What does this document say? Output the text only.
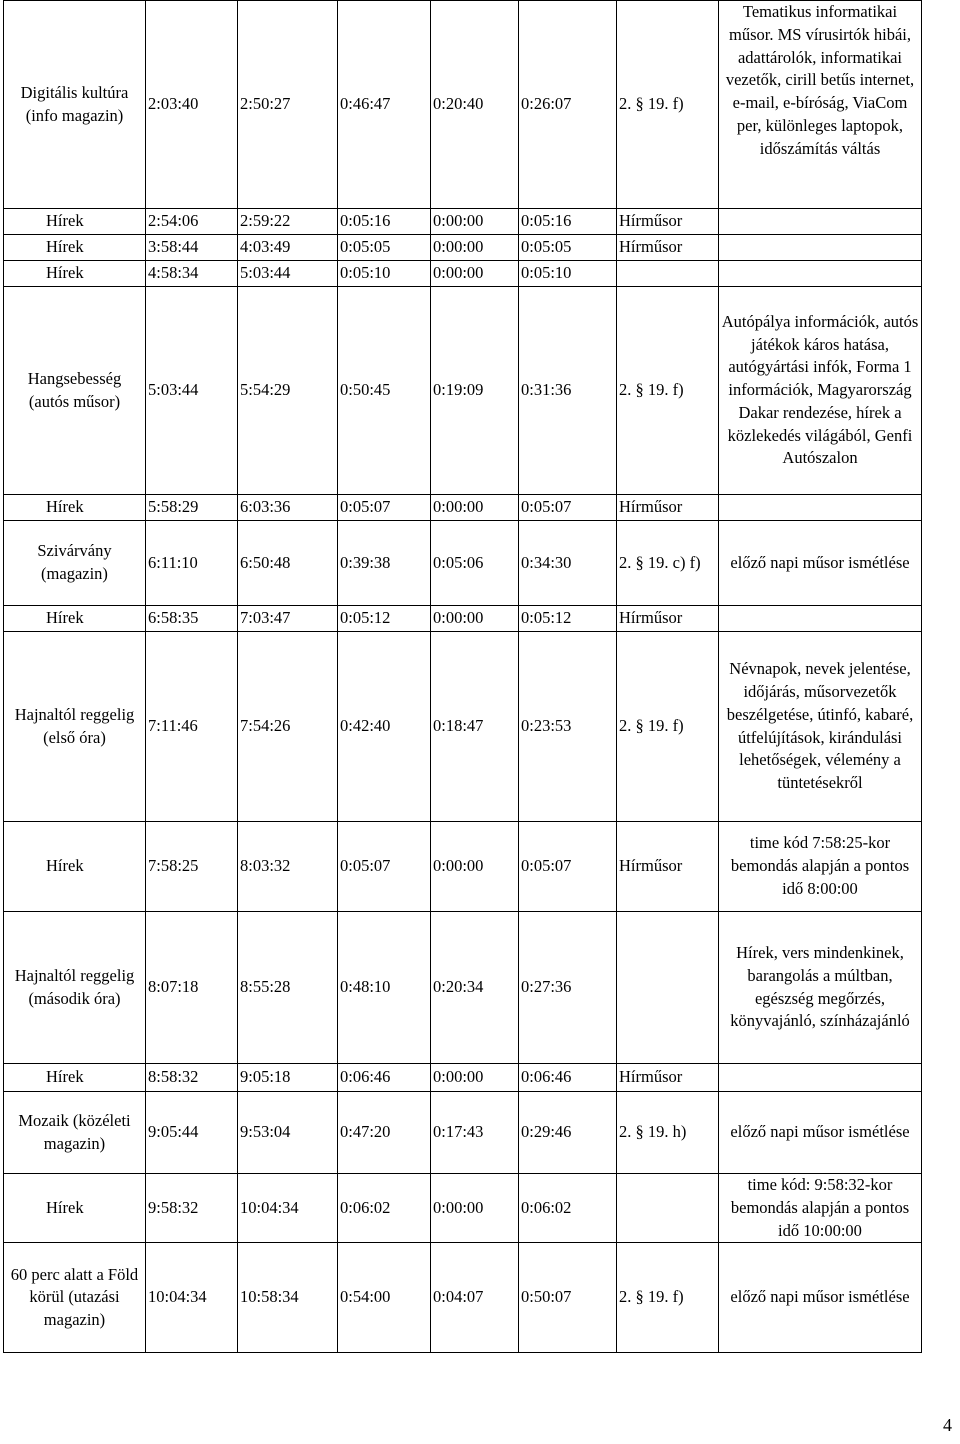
Digitális kultúra (info magazin)	2:03:40	2:50:27	0:46:47	0:20:40	0:26:07	2. § 19. f)	Tematikus informatikai műsor. MS vírusirtók hibái, adattárolók, informatikai vezetők, cirill betűs internet, e-mail, e-bíróság, ViaCom per, különleges laptopok, időszámítás váltás
Hírek	2:54:06	2:59:22	0:05:16	0:00:00	0:05:16	Hírműsor	
Hírek	3:58:44	4:03:49	0:05:05	0:00:00	0:05:05	Hírműsor	
Hírek	4:58:34	5:03:44	0:05:10	0:00:00	0:05:10		
Hangsebesség (autós műsor)	5:03:44	5:54:29	0:50:45	0:19:09	0:31:36	2. § 19. f)	Autópálya információk, autós játékok káros hatása, autógyártási infók, Forma 1 információk, Magyarország Dakar rendezése, hírek a közlekedés világából, Genfi Autószalon
Hírek	5:58:29	6:03:36	0:05:07	0:00:00	0:05:07	Hírműsor	
Szivárvány (magazin)	6:11:10	6:50:48	0:39:38	0:05:06	0:34:30	2. § 19. c) f)	előző napi műsor ismétlése
Hírek	6:58:35	7:03:47	0:05:12	0:00:00	0:05:12	Hírműsor	
Hajnaltól reggelig (első óra)	7:11:46	7:54:26	0:42:40	0:18:47	0:23:53	2. § 19. f)	Névnapok, nevek jelentése, időjárás, műsorvezetők beszélgetése, útinfó, kabaré, útfelújítások, kirándulási lehetőségek, vélemény a tüntetésekről
Hírek	7:58:25	8:03:32	0:05:07	0:00:00	0:05:07	Hírműsor	time kód 7:58:25-kor bemondás alapján a pontos idő 8:00:00
Hajnaltól reggelig (második óra)	8:07:18	8:55:28	0:48:10	0:20:34	0:27:36		Hírek, vers mindenkinek, barangolás a múltban, egészség megőrzés, könyvajánló, színházajánló
Hírek	8:58:32	9:05:18	0:06:46	0:00:00	0:06:46	Hírműsor	
Mozaik (közéleti magazin)	9:05:44	9:53:04	0:47:20	0:17:43	0:29:46	2. § 19. h)	előző napi műsor ismétlése
Hírek	9:58:32	10:04:34	0:06:02	0:00:00	0:06:02		time kód: 9:58:32-kor bemondás alapján a pontos idő 10:00:00
60 perc alatt a Föld körül (utazási magazin)	10:04:34	10:58:34	0:54:00	0:04:07	0:50:07	2. § 19. f)	előző napi műsor ismétlése
4
